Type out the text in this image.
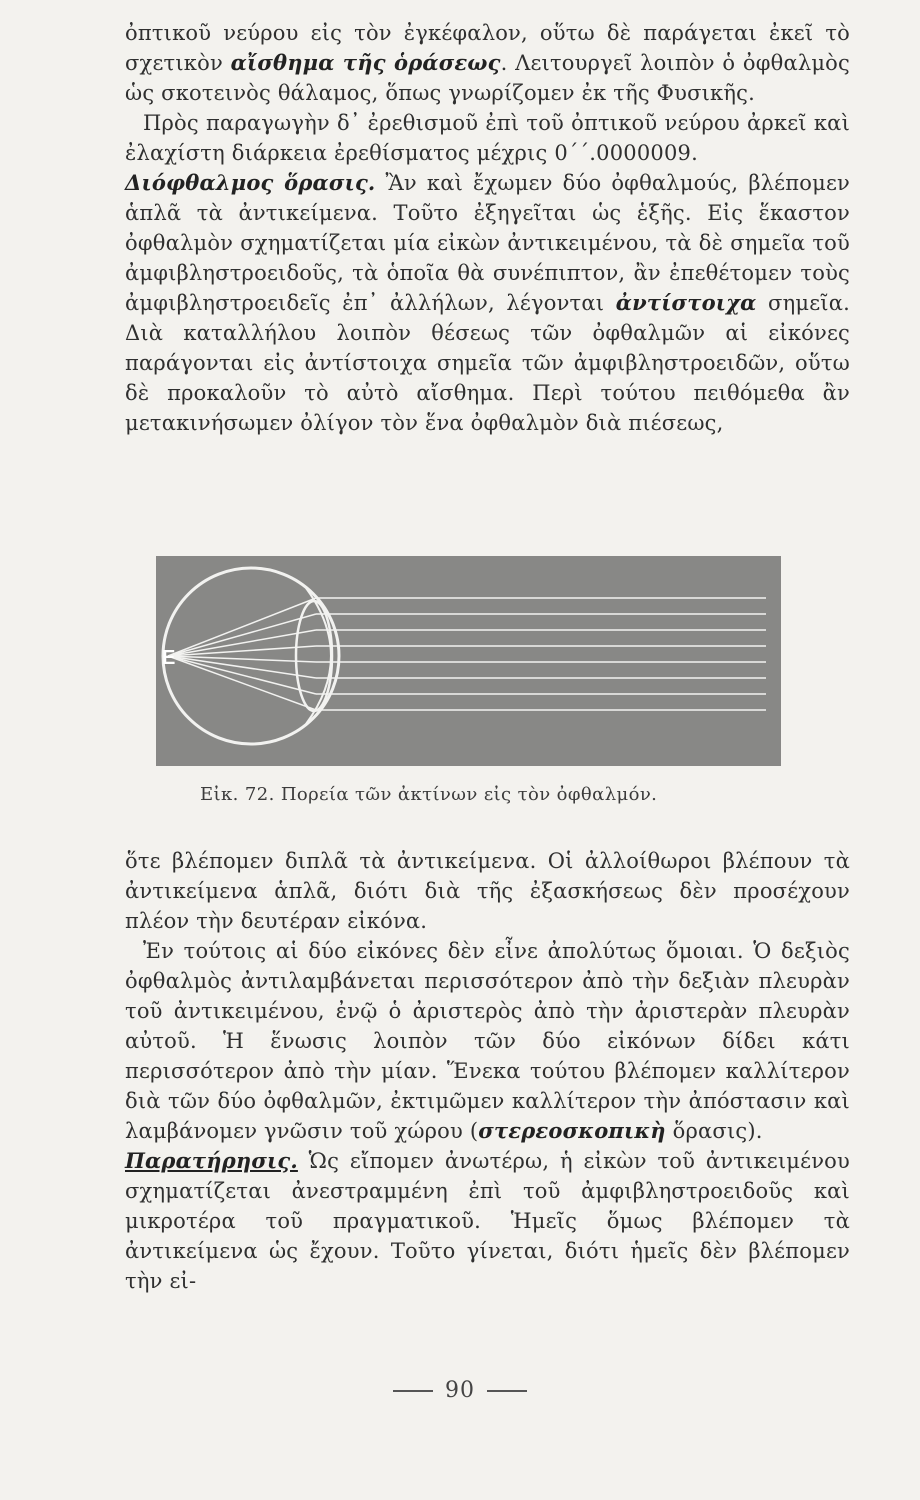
ὀπτικοῦ νεύρου εἰς τὸν ἐγκέφαλον, οὕτω δὲ παράγεται ἐκεῖ τὸ σχετικὸν αἴσθημα τῆς ὁράσεως. Λειτουργεῖ λοιπὸν ὁ ὀφθαλμὸς ὡς σκοτεινὸς θάλαμος, ὅπως γνωρίζομεν ἐκ τῆς Φυσικῆς.

Πρὸς παραγωγὴν δ᾽ ἐρεθισμοῦ ἐπὶ τοῦ ὀπτικοῦ νεύρου ἀρκεῖ καὶ ἐλαχίστη διάρκεια ἐρεθίσματος μέχρις 0΄΄.0000009.

Διόφθαλμος ὅρασις. Ἂν καὶ ἔχωμεν δύο ὀφθαλμούς, βλέπομεν ἁπλᾶ τὰ ἀντικείμενα. Τοῦτο ἐξηγεῖται ὡς ἑξῆς. Εἰς ἕκαστον ὀφθαλμὸν σχηματίζεται μία εἰκὼν ἀντικειμένου, τὰ δὲ σημεῖα τοῦ ἀμφιβληστροειδοῦς, τὰ ὁποῖα θὰ συνέπιπτον, ἂν ἐπεθέτομεν τοὺς ἀμφιβληστροειδεῖς ἐπ᾽ ἀλλήλων, λέγονται ἀντίστοιχα σημεῖα. Διὰ καταλλήλου λοιπὸν θέσεως τῶν ὀφθαλμῶν αἱ εἰκόνες παράγονται εἰς ἀντίστοιχα σημεῖα τῶν ἀμφιβληστροειδῶν, οὕτω δὲ προκαλοῦν τὸ αὐτὸ αἴσθημα. Περὶ τούτου πειθόμεθα ἂν μετακινήσωμεν ὀλίγον τὸν ἕνα ὀφθαλμὸν διὰ πιέσεως,

E
Εἰκ. 72. Πορεία τῶν ἀκτίνων εἰς τὸν ὀφθαλμόν.

ὅτε βλέπομεν διπλᾶ τὰ ἀντικείμενα. Οἱ ἀλλοίθωροι βλέπουν τὰ ἀντικείμενα ἁπλᾶ, διότι διὰ τῆς ἐξασκήσεως δὲν προσέχουν πλέον τὴν δευτέραν εἰκόνα.

Ἐν τούτοις αἱ δύο εἰκόνες δὲν εἶνε ἀπολύτως ὅμοιαι. Ὁ δεξιὸς ὀφθαλμὸς ἀντιλαμβάνεται περισσότερον ἀπὸ τὴν δεξιὰν πλευρὰν τοῦ ἀντικειμένου, ἐνῷ ὁ ἀριστερὸς ἀπὸ τὴν ἀριστερὰν πλευρὰν αὐτοῦ. Ἡ ἕνωσις λοιπὸν τῶν δύο εἰκόνων δίδει κάτι περισσότερον ἀπὸ τὴν μίαν. Ἕνεκα τούτου βλέπομεν καλλίτερον διὰ τῶν δύο ὀφθαλμῶν, ἐκτιμῶμεν καλλίτερον τὴν ἀπόστασιν καὶ λαμβάνομεν γνῶσιν τοῦ χώρου (στερεοσκοπικὴ ὅρασις).

Παρατήρησις. Ὡς εἴπομεν ἀνωτέρω, ἡ εἰκὼν τοῦ ἀντικειμένου σχηματίζεται ἀνεστραμμένη ἐπὶ τοῦ ἀμφιβληστροειδοῦς καὶ μικροτέρα τοῦ πραγματικοῦ. Ἡμεῖς ὅμως βλέπομεν τὰ ἀντικείμενα ὡς ἔχουν. Τοῦτο γίνεται, διότι ἡμεῖς δὲν βλέπομεν τὴν εἰ-

90
